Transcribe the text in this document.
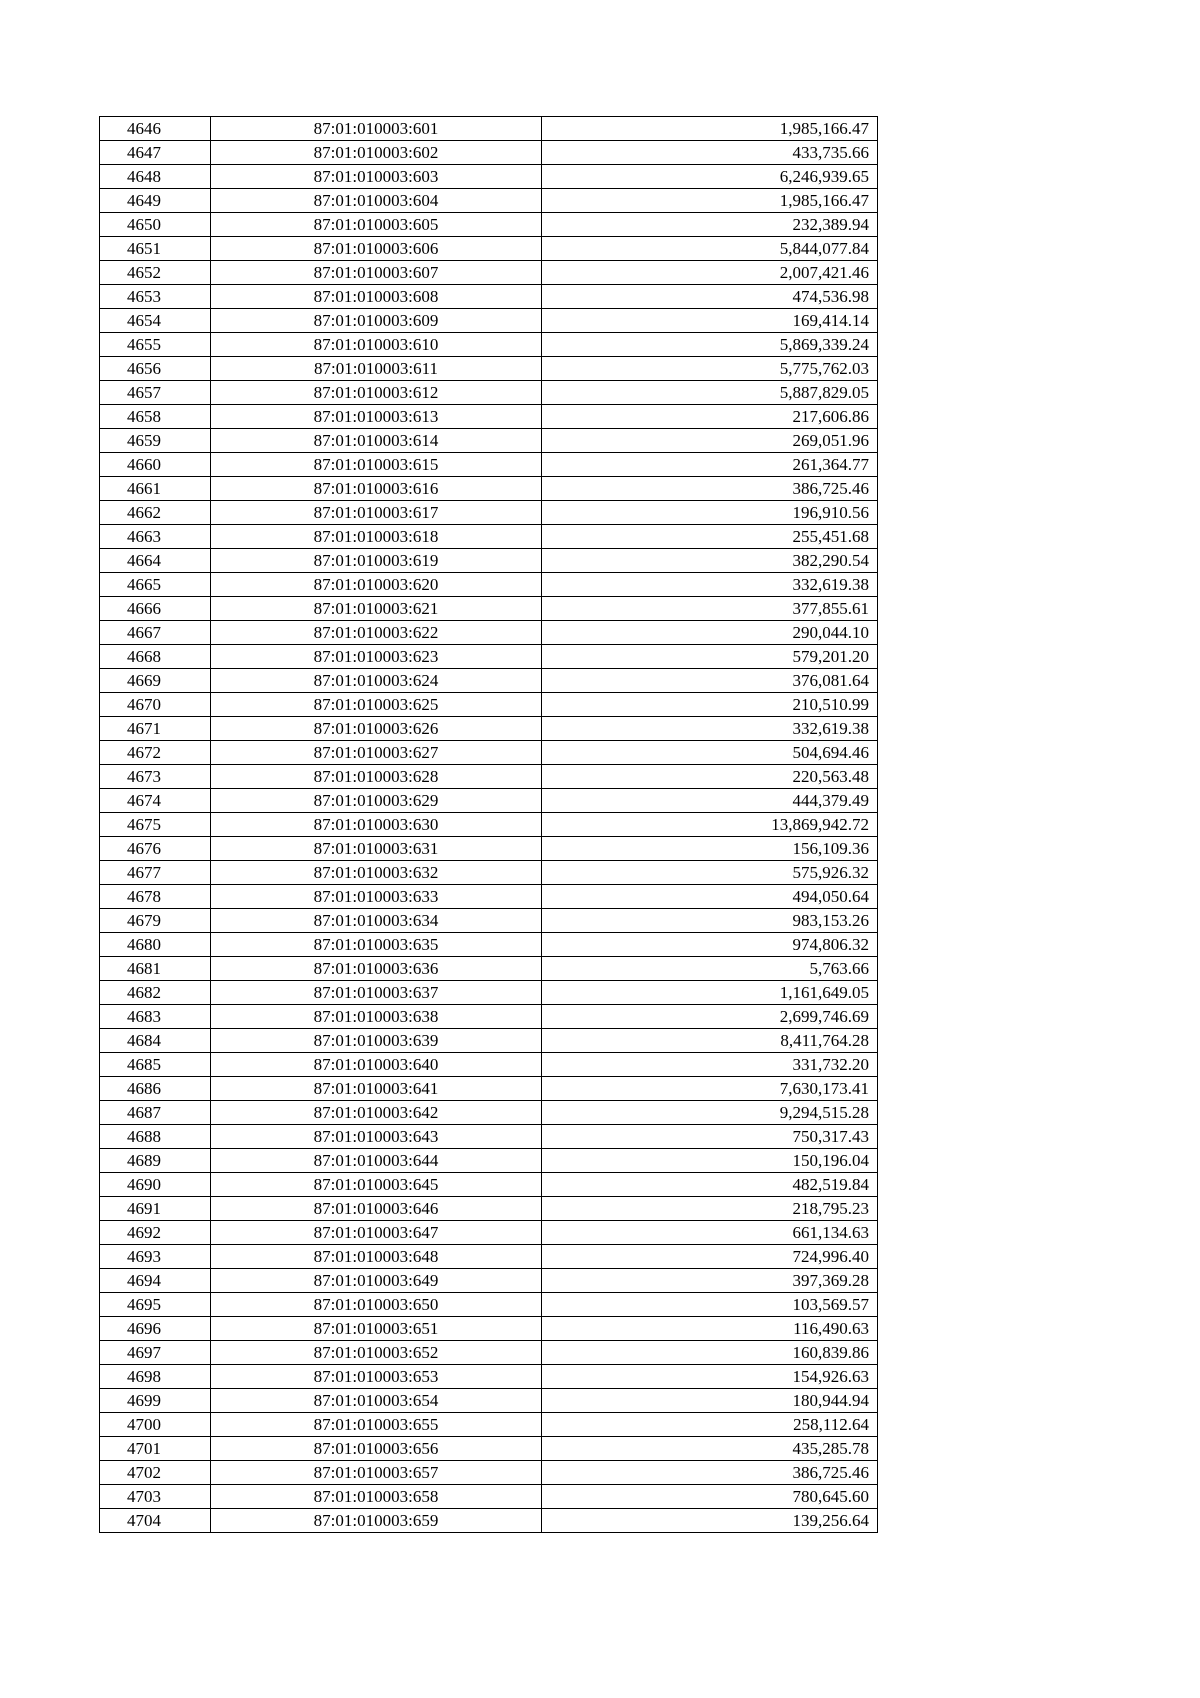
4646	87:01:010003:601	1,985,166.47
4647	87:01:010003:602	433,735.66
4648	87:01:010003:603	6,246,939.65
4649	87:01:010003:604	1,985,166.47
4650	87:01:010003:605	232,389.94
4651	87:01:010003:606	5,844,077.84
4652	87:01:010003:607	2,007,421.46
4653	87:01:010003:608	474,536.98
4654	87:01:010003:609	169,414.14
4655	87:01:010003:610	5,869,339.24
4656	87:01:010003:611	5,775,762.03
4657	87:01:010003:612	5,887,829.05
4658	87:01:010003:613	217,606.86
4659	87:01:010003:614	269,051.96
4660	87:01:010003:615	261,364.77
4661	87:01:010003:616	386,725.46
4662	87:01:010003:617	196,910.56
4663	87:01:010003:618	255,451.68
4664	87:01:010003:619	382,290.54
4665	87:01:010003:620	332,619.38
4666	87:01:010003:621	377,855.61
4667	87:01:010003:622	290,044.10
4668	87:01:010003:623	579,201.20
4669	87:01:010003:624	376,081.64
4670	87:01:010003:625	210,510.99
4671	87:01:010003:626	332,619.38
4672	87:01:010003:627	504,694.46
4673	87:01:010003:628	220,563.48
4674	87:01:010003:629	444,379.49
4675	87:01:010003:630	13,869,942.72
4676	87:01:010003:631	156,109.36
4677	87:01:010003:632	575,926.32
4678	87:01:010003:633	494,050.64
4679	87:01:010003:634	983,153.26
4680	87:01:010003:635	974,806.32
4681	87:01:010003:636	5,763.66
4682	87:01:010003:637	1,161,649.05
4683	87:01:010003:638	2,699,746.69
4684	87:01:010003:639	8,411,764.28
4685	87:01:010003:640	331,732.20
4686	87:01:010003:641	7,630,173.41
4687	87:01:010003:642	9,294,515.28
4688	87:01:010003:643	750,317.43
4689	87:01:010003:644	150,196.04
4690	87:01:010003:645	482,519.84
4691	87:01:010003:646	218,795.23
4692	87:01:010003:647	661,134.63
4693	87:01:010003:648	724,996.40
4694	87:01:010003:649	397,369.28
4695	87:01:010003:650	103,569.57
4696	87:01:010003:651	116,490.63
4697	87:01:010003:652	160,839.86
4698	87:01:010003:653	154,926.63
4699	87:01:010003:654	180,944.94
4700	87:01:010003:655	258,112.64
4701	87:01:010003:656	435,285.78
4702	87:01:010003:657	386,725.46
4703	87:01:010003:658	780,645.60
4704	87:01:010003:659	139,256.64
